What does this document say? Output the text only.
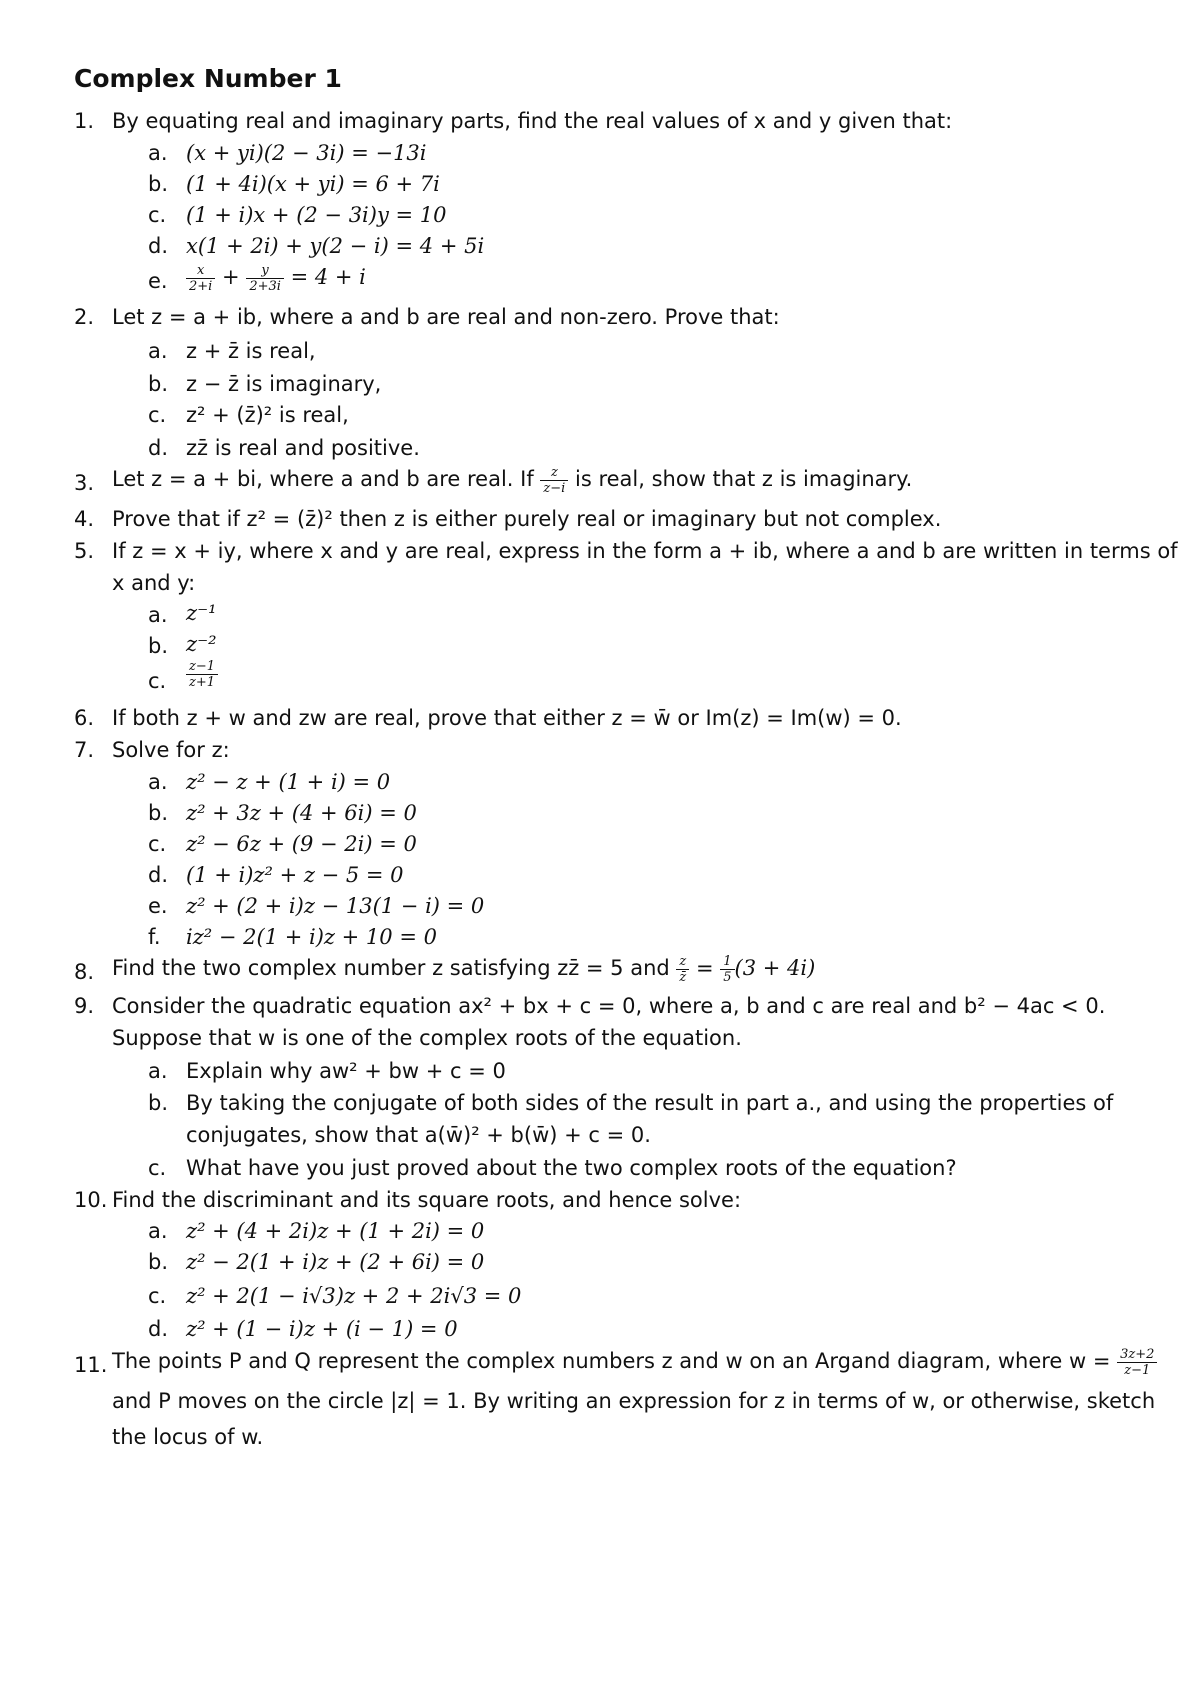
Complex Number 1
1. By equating real and imaginary parts, find the real values of x and y given that:
a. (x + yi)(2 − 3i) = −13i
b. (1 + 4i)(x + yi) = 6 + 7i
c. (1 + i)x + (2 − 3i)y = 10
d. x(1 + 2i) + y(2 − i) = 4 + 5i
e. $\frac{x}{2+i} + \frac{y}{2+3i} = 4 + i$
2. Let z = a + ib, where a and b are real and non-zero. Prove that:
a. z + z̄ is real,
b. z − z̄ is imaginary,
c. z² + (z̄)² is real,
d. zz̄ is real and positive.
3. Let z = a + bi, where a and b are real. If $\frac{z}{z-i}$ is real, show that z is imaginary.
4. Prove that if z² = (z̄)² then z is either purely real or imaginary but not complex.
5. If z = x + iy, where x and y are real, express in the form a + ib, where a and b are written in terms of
x and y:
a. z⁻¹
b. z⁻²
c. $\frac{z-1}{z+1}$
6. If both z + w and zw are real, prove that either z = w̄ or Im(z) = Im(w) = 0.
7. Solve for z:
a. z² − z + (1 + i) = 0
b. z² + 3z + (4 + 6i) = 0
c. z² − 6z + (9 − 2i) = 0
d. (1 + i)z² + z − 5 = 0
e. z² + (2 + i)z − 13(1 − i) = 0
f. iz² − 2(1 + i)z + 10 = 0
8. Find the two complex number z satisfying zz̄ = 5 and $\frac{z}{z̄} = \frac{1}{5} (3 + 4i)$
9. Consider the quadratic equation ax² + bx + c = 0, where a, b and c are real and b² − 4ac < 0.
Suppose that w is one of the complex roots of the equation.
a. Explain why aw² + bw + c = 0
b. By taking the conjugate of both sides of the result in part a., and using the properties of
conjugates, show that a(w̄)² + b(w̄) + c = 0.
c. What have you just proved about the two complex roots of the equation?
10. Find the discriminant and its square roots, and hence solve:
a. z² + (4 + 2i)z + (1 + 2i) = 0
b. z² − 2(1 + i)z + (2 + 6i) = 0
c. z² + 2(1 − i√3)z + 2 + 2i√3 = 0
d. z² + (1 − i)z + (i − 1) = 0
11. The points P and Q represent the complex numbers z and w on an Argand diagram, where $w = \frac{3z+2}{z-1}$
and P moves on the circle |z| = 1. By writing an expression for z in terms of w, or otherwise, sketch
the locus of w.
